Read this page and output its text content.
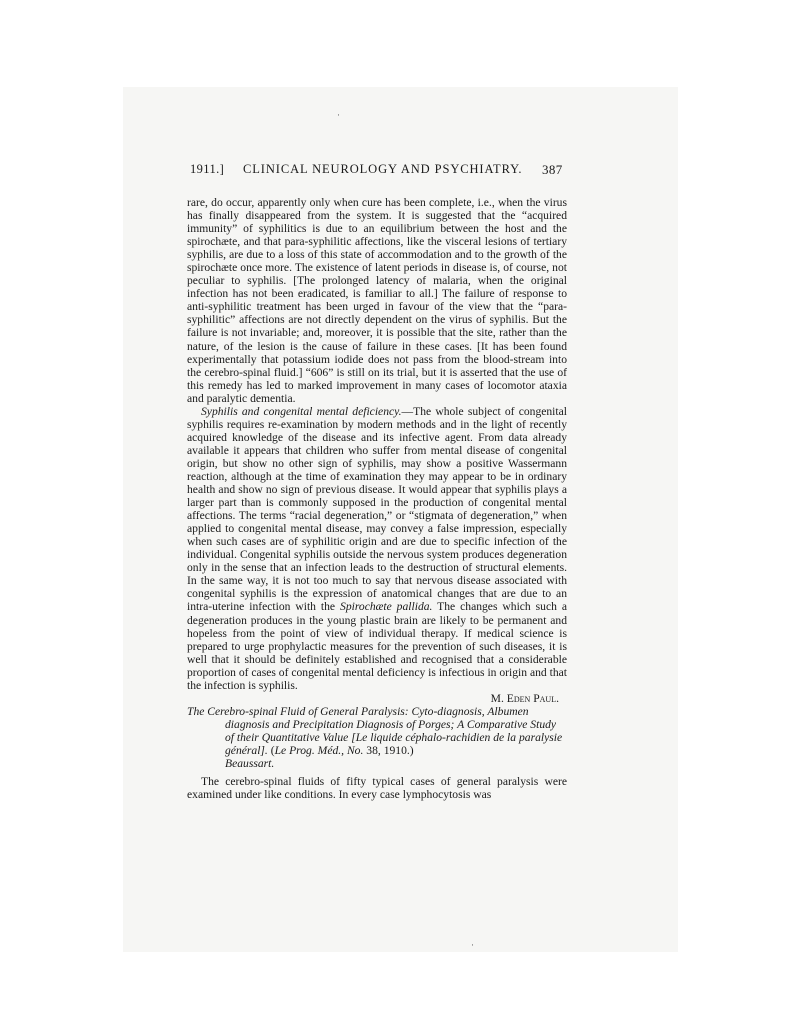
·
·
1911.] CLINICAL NEUROLOGY AND PSYCHIATRY. 387

rare, do occur, apparently only when cure has been complete, i.e., when the virus has finally disappeared from the system. It is suggested that the “acquired immunity” of syphilitics is due to an equilibrium between the host and the spirochæte, and that para-syphilitic affections, like the visceral lesions of tertiary syphilis, are due to a loss of this state of accommodation and to the growth of the spirochæte once more. The existence of latent periods in disease is, of course, not peculiar to syphilis. [The prolonged latency of malaria, when the original infection has not been eradicated, is familiar to all.] The failure of response to anti-syphilitic treatment has been urged in favour of the view that the “para-syphilitic” affections are not directly dependent on the virus of syphilis. But the failure is not invariable; and, moreover, it is possible that the site, rather than the nature, of the lesion is the cause of failure in these cases. [It has been found experimentally that potassium iodide does not pass from the blood-stream into the cerebro-spinal fluid.] “606” is still on its trial, but it is asserted that the use of this remedy has led to marked improvement in many cases of locomotor ataxia and paralytic dementia.

Syphilis and congenital mental deficiency.—The whole subject of congenital syphilis requires re-examination by modern methods and in the light of recently acquired knowledge of the disease and its infective agent. From data already available it appears that children who suffer from mental disease of congenital origin, but show no other sign of syphilis, may show a positive Wassermann reaction, although at the time of examination they may appear to be in ordinary health and show no sign of previous disease. It would appear that syphilis plays a larger part than is commonly supposed in the production of congenital mental affections. The terms “racial degeneration,” or “stigmata of degeneration,” when applied to congenital mental disease, may convey a false impression, especially when such cases are of syphilitic origin and are due to specific infection of the individual. Congenital syphilis outside the nervous system produces degeneration only in the sense that an infection leads to the destruction of structural elements. In the same way, it is not too much to say that nervous disease associated with congenital syphilis is the expression of anatomical changes that are due to an intra-uterine infection with the Spirochæte pallida. The changes which such a degeneration produces in the young plastic brain are likely to be permanent and hopeless from the point of view of individual therapy. If medical science is prepared to urge prophylactic measures for the prevention of such diseases, it is well that it should be definitely established and recognised that a considerable proportion of cases of congenital mental deficiency is infectious in origin and that the infection is syphilis.

M. Eden Paul.

The Cerebro-spinal Fluid of General Paralysis: Cyto-diagnosis, Albumen diagnosis and Precipitation Diagnosis of Porges; A Comparative Study of their Quantitative Value [Le liquide céphalo-rachidien de la paralysie général]. (Le Prog. Méd., No. 38, 1910.)
Beaussart.

The cerebro-spinal fluids of fifty typical cases of general paralysis were examined under like conditions. In every case lymphocytosis was
